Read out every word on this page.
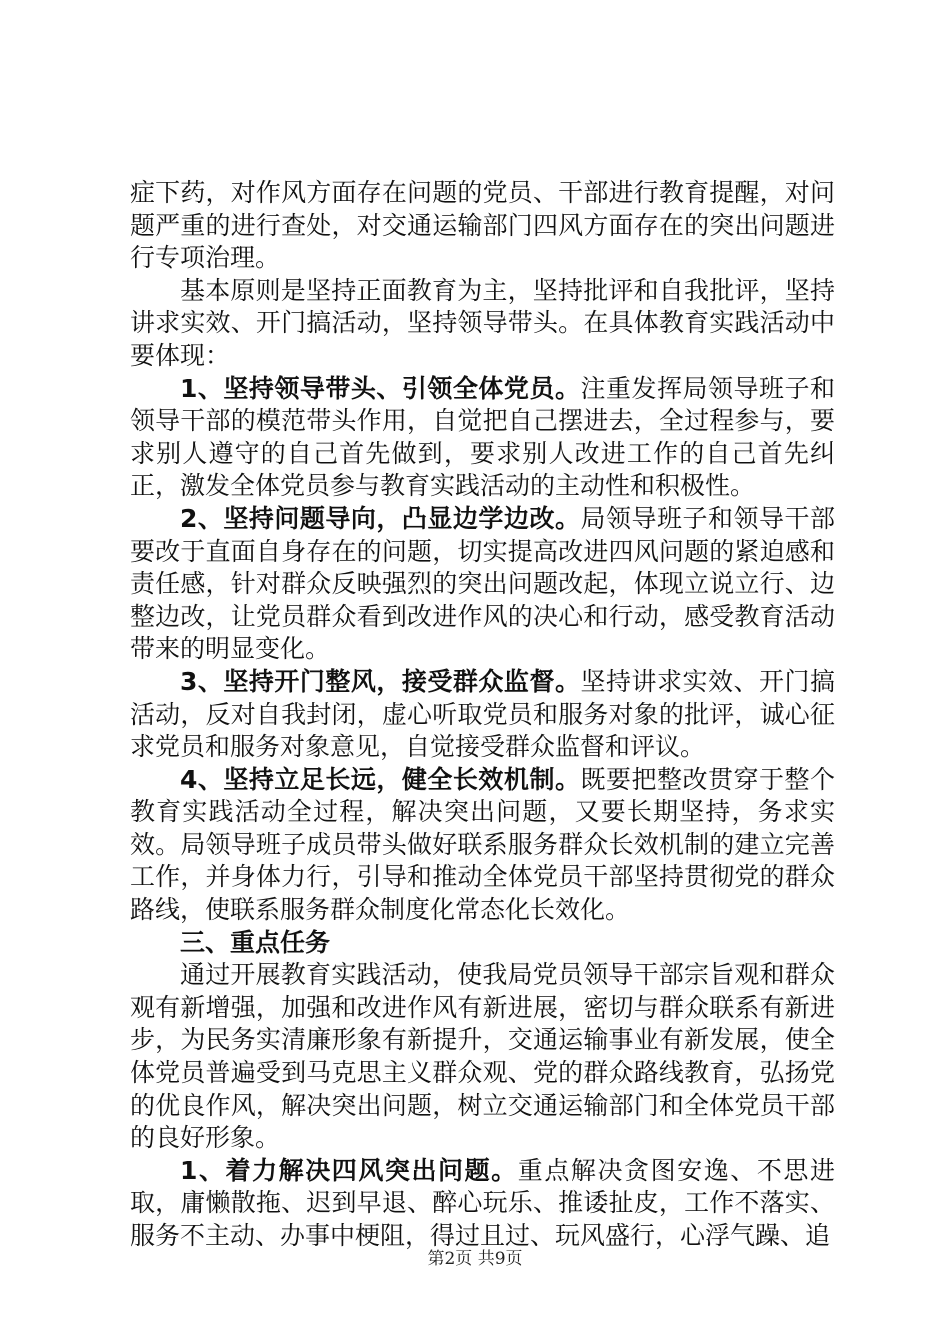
症下药，对作风方面存在问题的党员、干部进行教育提醒，对问题严重的进行查处，对交通运输部门四风方面存在的突出问题进行专项治理。

基本原则是坚持正面教育为主，坚持批评和自我批评，坚持讲求实效、开门搞活动，坚持领导带头。在具体教育实践活动中要体现：

1、坚持领导带头、引领全体党员。注重发挥局领导班子和领导干部的模范带头作用，自觉把自己摆进去，全过程参与，要求别人遵守的自己首先做到，要求别人改进工作的自己首先纠正，激发全体党员参与教育实践活动的主动性和积极性。

2、坚持问题导向，凸显边学边改。局领导班子和领导干部要改于直面自身存在的问题，切实提高改进四风问题的紧迫感和责任感，针对群众反映强烈的突出问题改起，体现立说立行、边整边改，让党员群众看到改进作风的决心和行动，感受教育活动带来的明显变化。

3、坚持开门整风，接受群众监督。坚持讲求实效、开门搞活动，反对自我封闭，虚心听取党员和服务对象的批评，诚心征求党员和服务对象意见，自觉接受群众监督和评议。

4、坚持立足长远，健全长效机制。既要把整改贯穿于整个教育实践活动全过程，解决突出问题，又要长期坚持，务求实效。局领导班子成员带头做好联系服务群众长效机制的建立完善工作，并身体力行，引导和推动全体党员干部坚持贯彻党的群众路线，使联系服务群众制度化常态化长效化。

三、重点任务

通过开展教育实践活动，使我局党员领导干部宗旨观和群众观有新增强，加强和改进作风有新进展，密切与群众联系有新进步，为民务实清廉形象有新提升，交通运输事业有新发展，使全体党员普遍受到马克思主义群众观、党的群众路线教育，弘扬党的优良作风，解决突出问题，树立交通运输部门和全体党员干部的良好形象。

1、着力解决四风突出问题。重点解决贪图安逸、不思进取，庸懒散拖、迟到早退、醉心玩乐、推诿扯皮，工作不落实、服务不主动、办事中梗阻，得过且过、玩风盛行，心浮气躁、追

第2页 共9页
